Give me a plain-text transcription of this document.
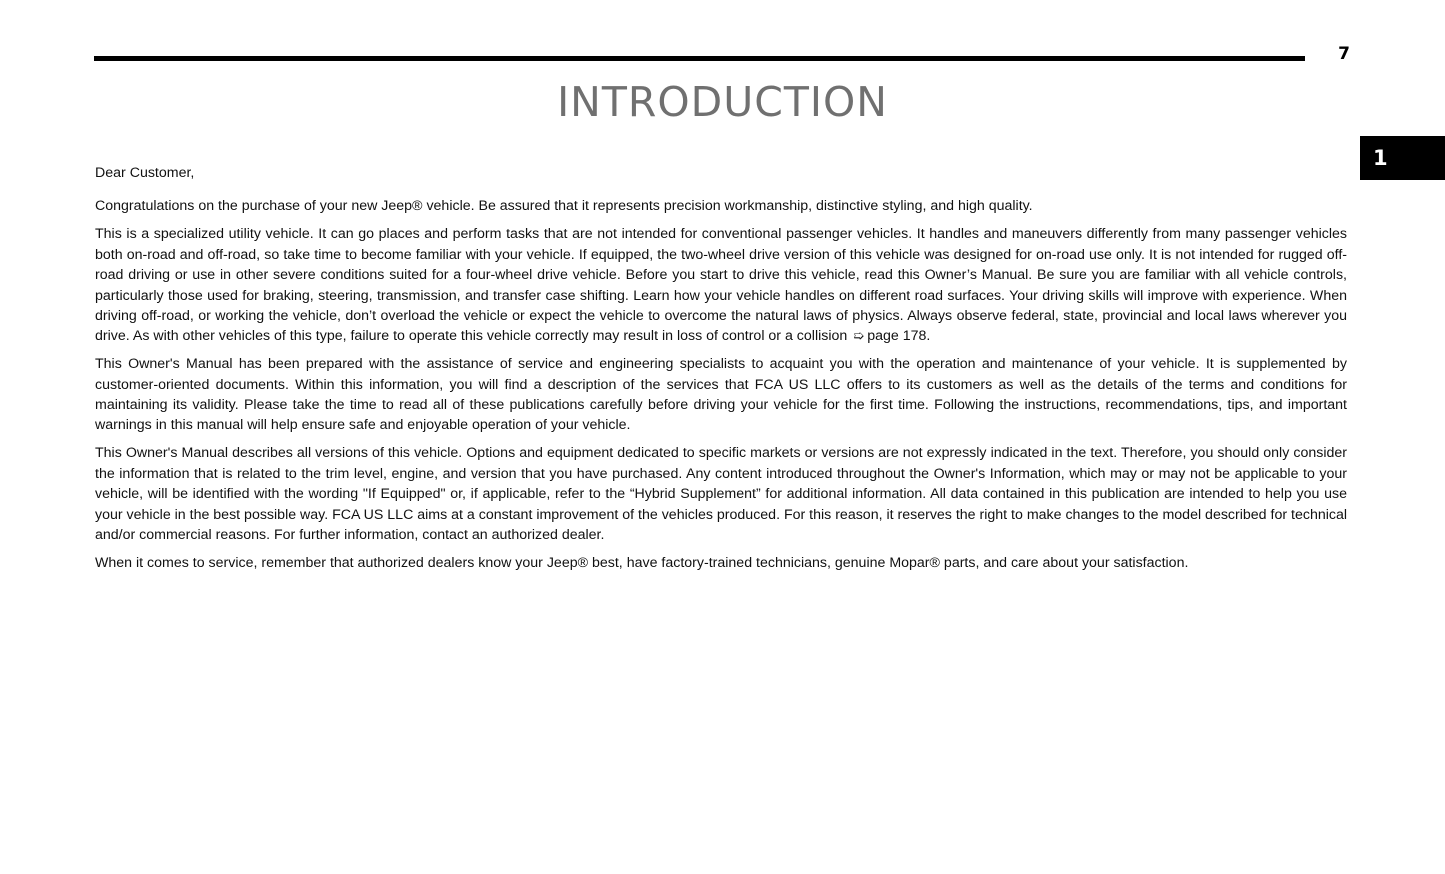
7
1
INTRODUCTION

Dear Customer,

Congratulations on the purchase of your new Jeep® vehicle. Be assured that it represents precision workmanship, distinctive styling, and high quality.

This is a specialized utility vehicle. It can go places and perform tasks that are not intended for conventional passenger vehicles. It handles and maneuvers differently from many passenger vehicles both on-road and off-road, so take time to become familiar with your vehicle. If equipped, the two-wheel drive version of this vehicle was designed for on-road use only. It is not intended for rugged off-road driving or use in other severe conditions suited for a four-wheel drive vehicle. Before you start to drive this vehicle, read this Owner’s Manual. Be sure you are familiar with all vehicle controls, particularly those used for braking, steering, transmission, and transfer case shifting. Learn how your vehicle handles on different road surfaces. Your driving skills will improve with experience. When driving off-road, or working the vehicle, don’t overload the vehicle or expect the vehicle to overcome the natural laws of physics. Always observe federal, state, provincial and local laws wherever you drive. As with other vehicles of this type, failure to operate this vehicle correctly may result in loss of control or a collision ➯ page 178.

This Owner's Manual has been prepared with the assistance of service and engineering specialists to acquaint you with the operation and maintenance of your vehicle. It is supplemented by customer-oriented documents. Within this information, you will find a description of the services that FCA US LLC offers to its customers as well as the details of the terms and conditions for maintaining its validity. Please take the time to read all of these publications carefully before driving your vehicle for the first time. Following the instructions, recommendations, tips, and important warnings in this manual will help ensure safe and enjoyable operation of your vehicle.

This Owner's Manual describes all versions of this vehicle. Options and equipment dedicated to specific markets or versions are not expressly indicated in the text. Therefore, you should only consider the information that is related to the trim level, engine, and version that you have purchased. Any content introduced throughout the Owner's Information, which may or may not be applicable to your vehicle, will be identified with the wording "If Equipped" or, if applicable, refer to the “Hybrid Supplement” for additional information. All data contained in this publication are intended to help you use your vehicle in the best possible way. FCA US LLC aims at a constant improvement of the vehicles produced. For this reason, it reserves the right to make changes to the model described for technical and/or commercial reasons. For further information, contact an authorized dealer.

When it comes to service, remember that authorized dealers know your Jeep® best, have factory-trained technicians, genuine Mopar® parts, and care about your satisfaction.
